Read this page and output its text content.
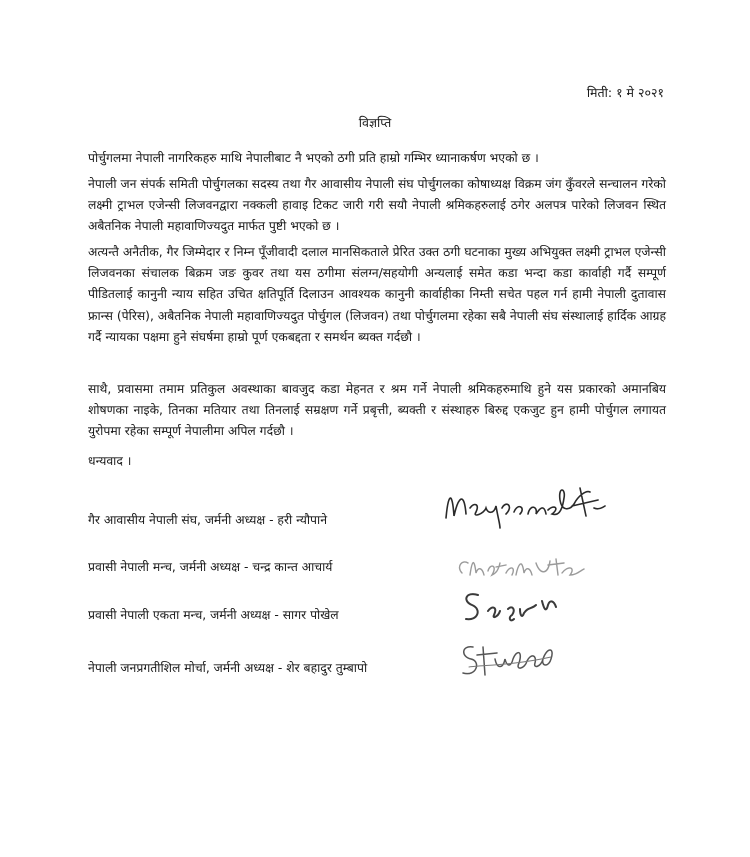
मिती: १ मे २०२१
विज्ञप्ति

पोर्चुगलमा नेपाली नागरिकहरु माथि नेपालीबाट नै भएको ठगी प्रति हाम्रो गम्भिर ध्यानाकर्षण भएको छ ।

नेपाली जन संपर्क समिती पोर्चुगलका सदस्य तथा गैर आवासीय नेपाली संघ पोर्चुगलका कोषाध्यक्ष विक्रम जंग कुँवरले सन्चालन गरेको लक्ष्मी ट्राभल एजेन्सी लिजवनद्वारा नक्कली हावाइ टिकट जारी गरी सयौ नेपाली श्रमिकहरुलाई ठगेर अलपत्र पारेको लिजवन स्थित अबैतनिक नेपाली महावाणिज्यदुत मार्फत पुष्टी भएको छ ।

अत्यन्तै अनैतीक, गैर जिम्मेदार र निम्न पूँजीवादी दलाल मानसिकताले प्रेरित उक्त ठगी घटनाका मुख्य अभियुक्त लक्ष्मी ट्राभल एजेन्सी लिजवनका संचालक बिक्रम जङ कुवर तथा यस ठगीमा संलग्न/सहयोगी अन्यलाई समेत कडा भन्दा कडा कार्वाही गर्दै सम्पूर्ण पीडितलाई कानुनी न्याय सहित उचित क्षतिपूर्ति दिलाउन आवश्यक कानुनी कार्वाहीका निम्ती सचेत पहल गर्न हामी नेपाली दुतावास फ्रान्स (पेरिस), अबैतनिक नेपाली महावाणिज्यदुत पोर्चुगल (लिजवन) तथा पोर्चुगलमा रहेका सबै नेपाली संघ संस्थालाई हार्दिक आग्रह गर्दै न्यायका पक्षमा हुने संघर्षमा हाम्रो पूर्ण एकबद्दता र समर्थन ब्यक्त गर्दछौ ।

साथै, प्रवासमा तमाम प्रतिकुल अवस्थाका बावजुद कडा मेहनत र श्रम गर्ने नेपाली श्रमिकहरुमाथि हुने यस प्रकारको अमानबिय शोषणका नाइके, तिनका मतियार तथा तिनलाई सम्रक्षण गर्ने प्रबृत्ती, ब्यक्ती र संस्थाहरु बिरुद्द एकजुट हुन हामी पोर्चुगल लगायत युरोपमा रहेका सम्पूर्ण नेपालीमा अपिल गर्दछौ ।

धन्यवाद ।

गैर आवासीय नेपाली संघ, जर्मनी अध्यक्ष - हरी न्यौपाने
प्रवासी नेपाली मन्च, जर्मनी अध्यक्ष - चन्द्र कान्त आचार्य
प्रवासी नेपाली एकता मन्च, जर्मनी अध्यक्ष - सागर पोखेल
नेपाली जनप्रगतीशिल मोर्चा, जर्मनी अध्यक्ष - शेर बहादुर तुम्बापो
